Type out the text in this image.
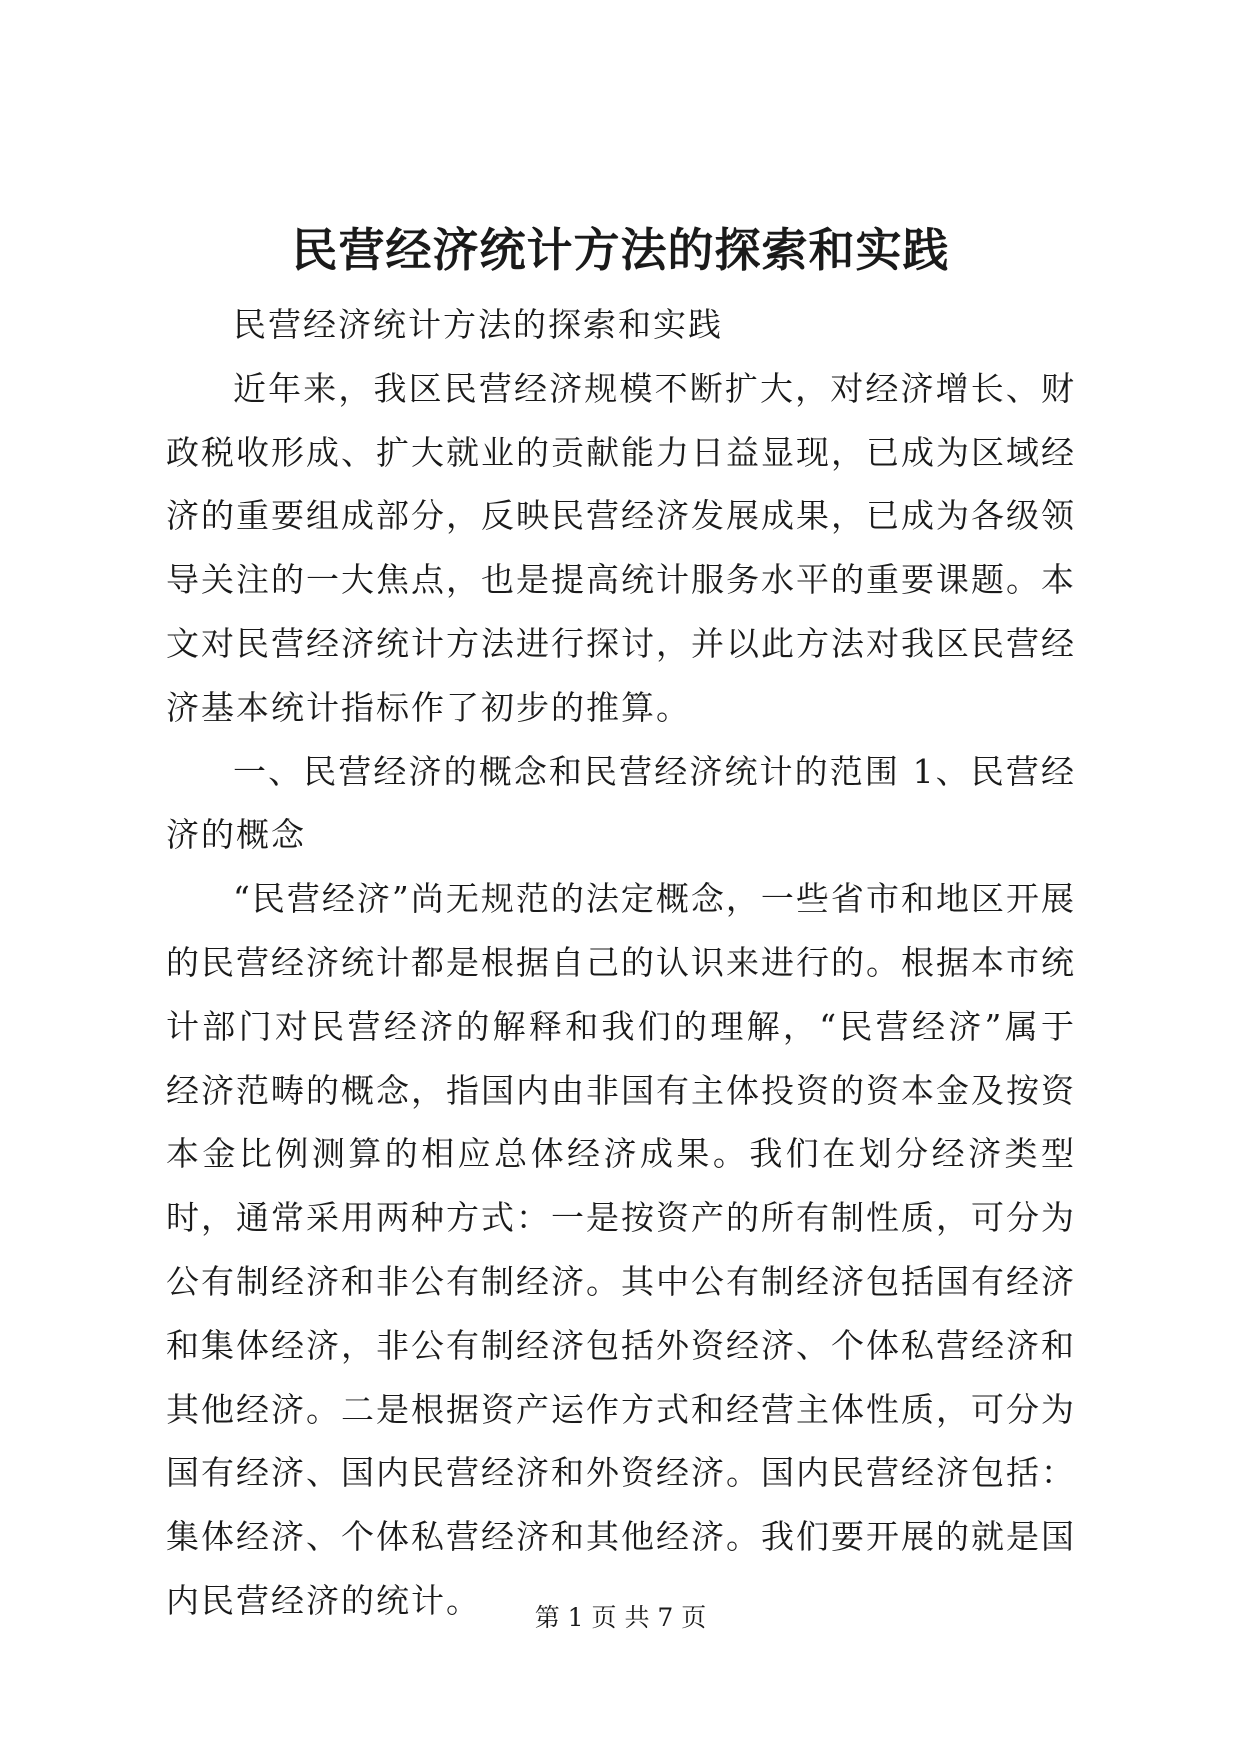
民营经济统计方法的探索和实践

民营经济统计方法的探索和实践

近年来，我区民营经济规模不断扩大，对经济增长、财政税收形成、扩大就业的贡献能力日益显现，已成为区域经济的重要组成部分，反映民营经济发展成果，已成为各级领导关注的一大焦点，也是提高统计服务水平的重要课题。本文对民营经济统计方法进行探讨，并以此方法对我区民营经济基本统计指标作了初步的推算。

一、民营经济的概念和民营经济统计的范围 1、民营经济的概念

“民营经济”尚无规范的法定概念，一些省市和地区开展的民营经济统计都是根据自己的认识来进行的。根据本市统计部门对民营经济的解释和我们的理解，“民营经济”属于经济范畴的概念，指国内由非国有主体投资的资本金及按资本金比例测算的相应总体经济成果。我们在划分经济类型时，通常采用两种方式：一是按资产的所有制性质，可分为公有制经济和非公有制经济。其中公有制经济包括国有经济和集体经济，非公有制经济包括外资经济、个体私营经济和其他经济。二是根据资产运作方式和经营主体性质，可分为国有经济、国内民营经济和外资经济。国内民营经济包括：集体经济、个体私营经济和其他经济。我们要开展的就是国内民营经济的统计。	第 1 页 共 7 页
